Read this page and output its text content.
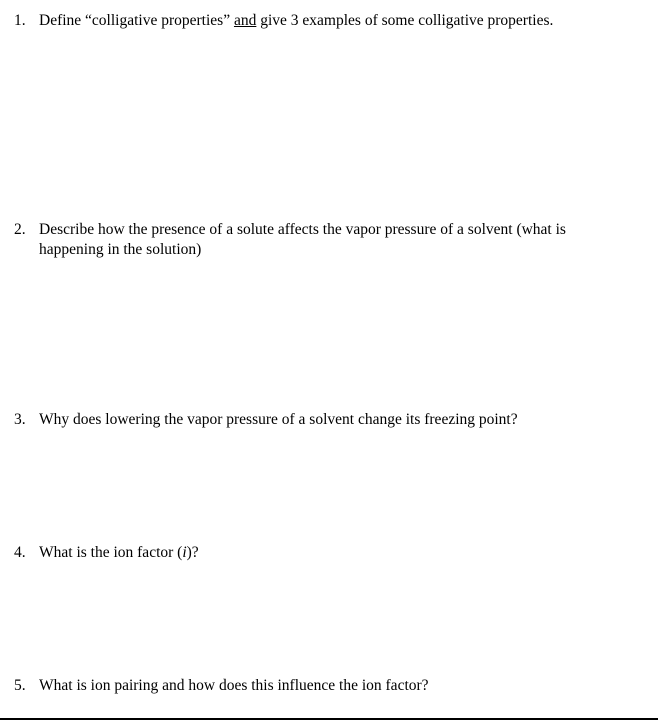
1. Define “colligative properties” and give 3 examples of some colligative properties.
2. Describe how the presence of a solute affects the vapor pressure of a solvent (what is happening in the solution)
3. Why does lowering the vapor pressure of a solvent change its freezing point?
4. What is the ion factor (i)?
5. What is ion pairing and how does this influence the ion factor?
